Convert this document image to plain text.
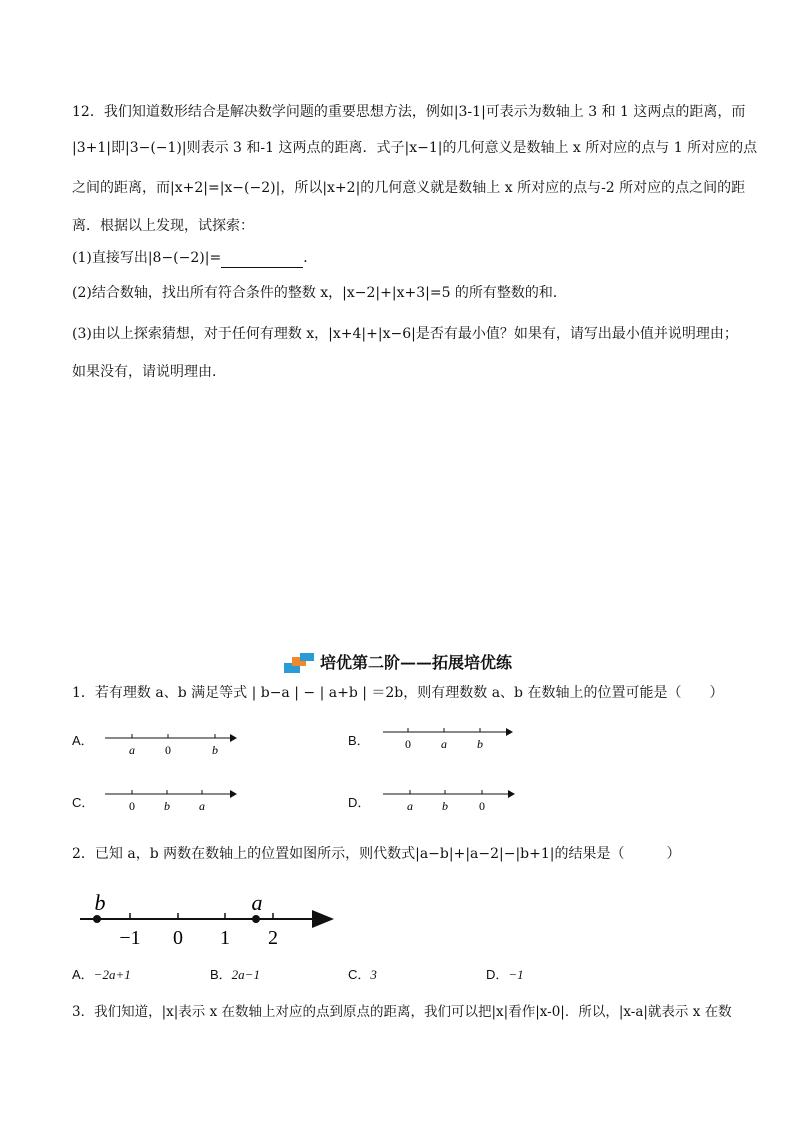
12．我们知道数形结合是解决数学问题的重要思想方法，例如|3-1|可表示为数轴上 3 和 1 这两点的距离，而
|3+1|即|3−(−1)|则表示 3 和-1 这两点的距离．式子|x−1|的几何意义是数轴上 x 所对应的点与 1 所对应的点
之间的距离，而|x+2|=|x−(−2)|，所以|x+2|的几何意义就是数轴上 x 所对应的点与-2 所对应的点之间的距
离．根据以上发现，试探索：
(1)直接写出|8−(−2)|=	．
(2)结合数轴，找出所有符合条件的整数 x，|x−2|+|x+3|=5 的所有整数的和．
(3)由以上探索猜想，对于任何有理数 x，|x+4|+|x−6|是否有最小值？如果有，请写出最小值并说明理由；
如果没有，请说明理由．
培优第二阶——拓展培优练
1．若有理数 a、b 满足等式 | b−a | − | a+b | ＝2b，则有理数数 a、b 在数轴上的位置可能是（　　）
A．
a	0	b
B．	0	a	b
C．	0 b a	D．	a b	0
2．已知 a，b 两数在数轴上的位置如图所示，则代数式|a−b|+|a−2|−|b+1|的结果是（　　　）
b	a
−1 0 1 2
A．−2a+1	B．2a−1	C．3	D．−1
3．我们知道，|x|表示 x 在数轴上对应的点到原点的距离，我们可以把|x|看作|x-0|．所以，|x-a|就表示 x 在数
